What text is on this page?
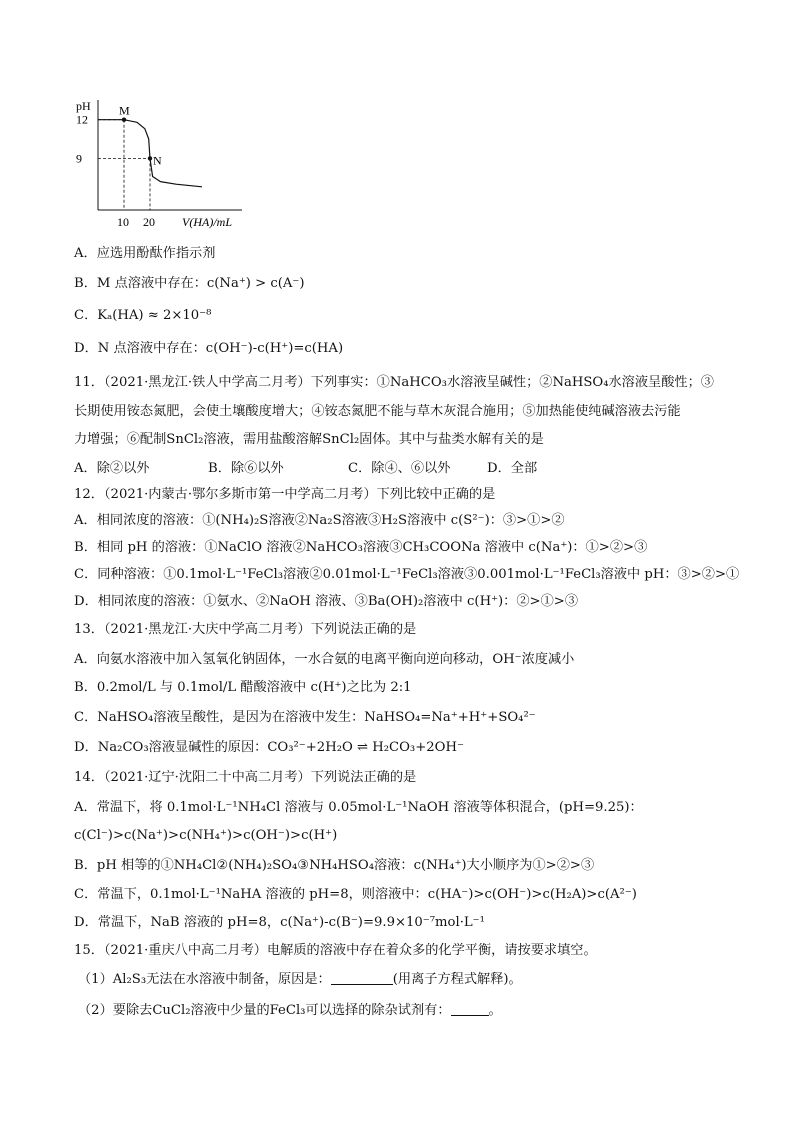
pH
12
9
10 20 V(HA)/mL
M
N
A．应选用酚酞作指示剂
B．M 点溶液中存在：c(Na⁺) > c(A⁻)
C．Kₐ(HA) ≈ 2×10⁻⁸
D．N 点溶液中存在：c(OH⁻)-c(H⁺)=c(HA)
11．（2021·黑龙江·铁人中学高二月考）下列事实：①NaHCO₃水溶液呈碱性；②NaHSO₄水溶液呈酸性；③
长期使用铵态氮肥，会使土壤酸度增大；④铵态氮肥不能与草木灰混合施用；⑤加热能使纯碱溶液去污能
力增强；⑥配制SnCl₂溶液，需用盐酸溶解SnCl₂固体。其中与盐类水解有关的是
A．除②以外	B．除⑥以外	C．除④、⑥以外	D．全部
12．（2021·内蒙古·鄂尔多斯市第一中学高二月考）下列比较中正确的是
A．相同浓度的溶液：①(NH₄)₂S溶液②Na₂S溶液③H₂S溶液中 c(S²⁻)：③>①>②
B．相同 pH 的溶液：①NaClO 溶液②NaHCO₃溶液③CH₃COONa 溶液中 c(Na⁺)：①>②>③
C．同种溶液：①0.1mol·L⁻¹FeCl₃溶液②0.01mol·L⁻¹FeCl₃溶液③0.001mol·L⁻¹FeCl₃溶液中 pH：③>②>①
D．相同浓度的溶液：①氨水、②NaOH 溶液、③Ba(OH)₂溶液中 c(H⁺)：②>①>③
13．（2021·黑龙江·大庆中学高二月考）下列说法正确的是
A．向氨水溶液中加入氢氧化钠固体，一水合氨的电离平衡向逆向移动，OH⁻浓度减小
B．0.2mol/L 与 0.1mol/L 醋酸溶液中 c(H⁺)之比为 2:1
C．NaHSO₄溶液呈酸性，是因为在溶液中发生：NaHSO₄=Na⁺+H⁺+SO₄²⁻
D．Na₂CO₃溶液显碱性的原因：CO₃²⁻+2H₂O ⇌ H₂CO₃+2OH⁻
14．（2021·辽宁·沈阳二十中高二月考）下列说法正确的是
A．常温下，将 0.1mol·L⁻¹NH₄Cl 溶液与 0.05mol·L⁻¹NaOH 溶液等体积混合，(pH=9.25)：
c(Cl⁻)>c(Na⁺)>c(NH₄⁺)>c(OH⁻)>c(H⁺)
B．pH 相等的①NH₄Cl②(NH₄)₂SO₄③NH₄HSO₄溶液：c(NH₄⁺)大小顺序为①>②>③
C．常温下，0.1mol·L⁻¹NaHA 溶液的 pH=8，则溶液中：c(HA⁻)>c(OH⁻)>c(H₂A)>c(A²⁻)
D．常温下，NaB 溶液的 pH=8，c(Na⁺)-c(B⁻)=9.9×10⁻⁷mol·L⁻¹
15．（2021·重庆八中高二月考）电解质的溶液中存在着众多的化学平衡，请按要求填空。
（1）Al₂S₃无法在水溶液中制备，原因是：	(用离子方程式解释)。
（2）要除去CuCl₂溶液中少量的FeCl₃可以选择的除杂试剂有：	。
